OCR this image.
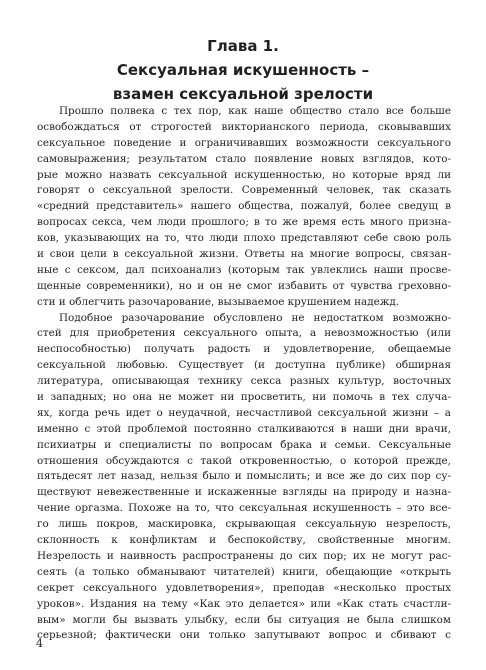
Глава 1.
Сексуальная искушенность –
взамен сексуальной зрелости
Прошло полвека с тех пор, как наше общество стало все больше
освобождаться от строгостей викторианского периода, сковывавших
сексуальное поведение и ограничивавших возможности сексуального
самовыражения; результатом стало появление новых взглядов, кото-
рые можно назвать сексуальной искушенностью, но которые вряд ли
говорят о сексуальной зрелости. Современный человек, так сказать
«средний представитель» нашего общества, пожалуй, более сведущ в
вопросах секса, чем люди прошлого; в то же время есть много призна-
ков, указывающих на то, что люди плохо представляют себе свою роль
и свои цели в сексуальной жизни. Ответы на многие вопросы, связан-
ные с сексом, дал психоанализ (которым так увлеклись наши просве-
щенные современники), но и он не смог избавить от чувства греховно-
сти и облегчить разочарование, вызываемое крушением надежд.
Подобное разочарование обусловлено не недостатком возможно-
стей для приобретения сексуального опыта, а невозможностью (или
неспособностью) получать радость и удовлетворение, обещаемые
сексуальной любовью. Существует (и доступна публике) обширная
литература, описывающая технику секса разных культур, восточных
и западных; но она не может ни просветить, ни помочь в тех случа-
ях, когда речь идет о неудачной, несчастливой сексуальной жизни – а
именно с этой проблемой постоянно сталкиваются в наши дни врачи,
психиатры и специалисты по вопросам брака и семьи. Сексуальные
отношения обсуждаются с такой откровенностью, о которой прежде,
пятьдесят лет назад, нельзя было и помыслить; и все же до сих пор су-
ществуют невежественные и искаженные взгляды на природу и назна-
чение оргазма. Похоже на то, что сексуальная искушенность – это все-
го лишь покров, маскировка, скрывающая сексуальную незрелость,
склонность к конфликтам и беспокойству, свойственные многим.
Незрелость и наивность распространены до сих пор; их не могут рас-
сеять (а только обманывают читателей) книги, обещающие «открыть
секрет сексуального удовлетворения», преподав «несколько простых
уроков». Издания на тему «Как это делается» или «Как стать счастли-
вым» могли бы вызвать улыбку, если бы ситуация не была слишком
серьезной; фактически они только запутывают вопрос и сбивают с
4
